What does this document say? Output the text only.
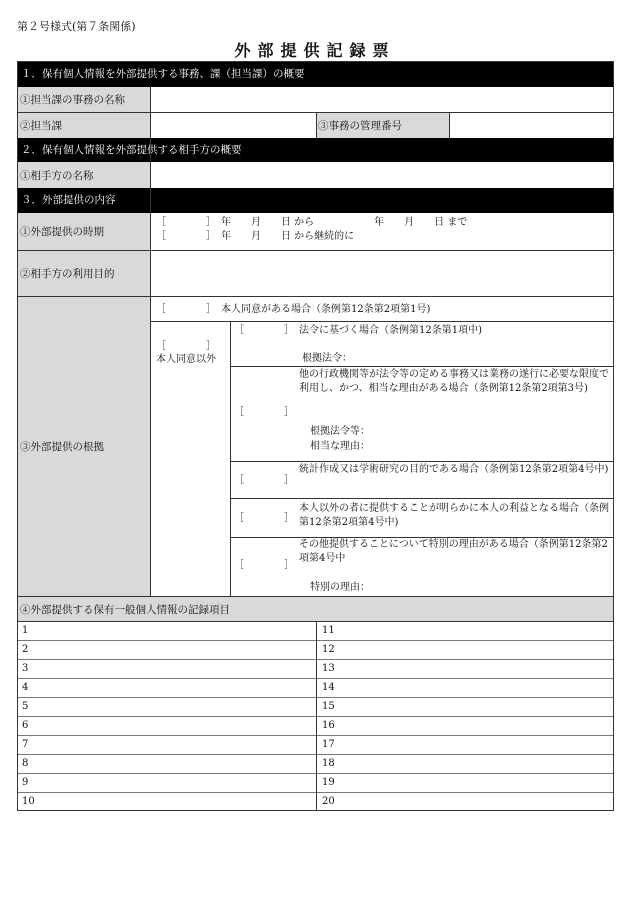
第２号様式(第７条関係)
外部提供記録票
１．保有個人情報を外部提供する事務、課（担当課）の概要
①担当課の事務の名称
②担当課	③事務の管理番号
２．保有個人情報を外部提供する相手方の概要
①相手方の名称
３．外部提供の内容
①外部提供の時期
［　　　　］　年　　月　　日 から　　　　　　年　　月　　日 まで
［　　　　］　年　　月　　日 から継続的に
②相手方の利用目的
③外部提供の根拠
［　　　　］　本人同意がある場合（条例第12条第2項第1号)
［　　　　］
本人同意以外
［　　　　］ 法令に基づく場合（条例第12条第1項中)
根拠法令：
［　　　　］
他の行政機関等が法令等の定める事務又は業務の遂行に必要な限度で利用し、かつ、相当な理由がある場合（条例第12条第2項第3号)
根拠法令等：
相当な理由：
［　　　　］
統計作成又は学術研究の目的である場合（条例第12条第2項第4号中)
［　　　　］
本人以外の者に提供することが明らかに本人の利益となる場合（条例第12条第2項第4号中)
［　　　　］
その他提供することについて特別の理由がある場合（条例第12条第2項第4号中
特別の理由：
④外部提供する保有一般個人情報の記録項目
1	11
2	12
3	13
4	14
5	15
6	16
7	17
8	18
9	19
10	20
